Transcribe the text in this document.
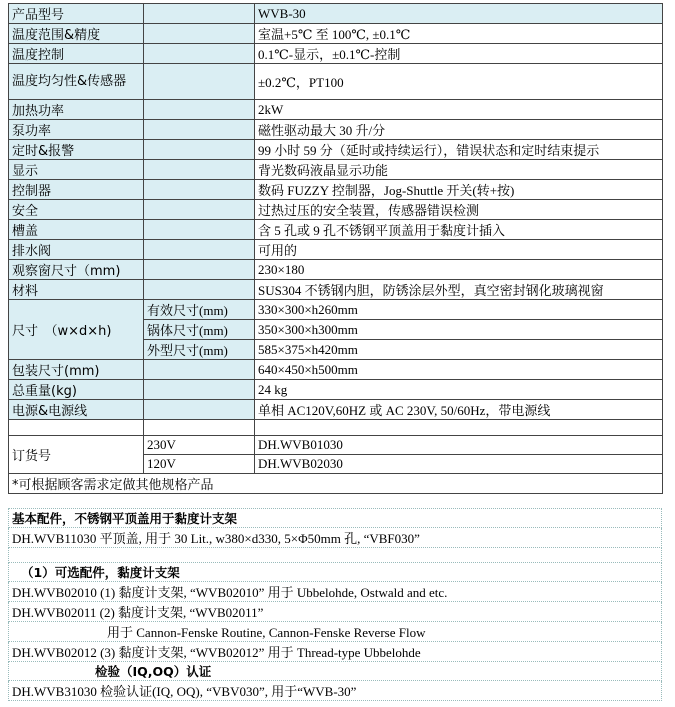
产品型号		WVB-30
温度范围&精度		室温+5℃ 至 100℃, ±0.1℃
温度控制		0.1℃-显示，±0.1℃-控制
温度均匀性&传感器		±0.2℃，PT100
加热功率		2kW
泵功率		磁性驱动最大 30 升/分
定时&报警		99 小时 59 分（延时或持续运行），错误状态和定时结束提示
显示		背光数码液晶显示功能
控制器		数码 FUZZY 控制器，Jog-Shuttle 开关(转+按)
安全		过热过压的安全装置，传感器错误检测
槽盖		含 5 孔或 9 孔不锈钢平顶盖用于黏度计插入
排水阀		可用的
观察窗尺寸（mm)		230×180
材料		SUS304 不锈钢内胆，防锈涂层外型，真空密封钢化玻璃视窗
尺寸　（w×d×h)	有效尺寸(mm)	330×300×h260mm
	锅体尺寸(mm)	350×300×h300mm
	外型尺寸(mm)	585×375×h420mm
包装尺寸(mm)		640×450×h500mm
总重量(kg)		24 kg
电源&电源线		单相 AC120V,60HZ 或 AC 230V, 50/60Hz，带电源线

订货号	230V	DH.WVB01030
	120V	DH.WVB02030
*可根据顾客需求定做其他规格产品		
基本配件，不锈钢平顶盖用于黏度计支架
DH.WVB11030 平顶盖, 用于 30 Lit., w380×d330, 5×Φ50mm 孔, “VBF030”

（1）可选配件，黏度计支架
DH.WVB02010 (1) 黏度计支架, “WVB02010” 用于 Ubbelohde, Ostwald and etc.
DH.WVB02011 (2) 黏度计支架, “WVB02011”
用于 Cannon-Fenske Routine, Cannon-Fenske Reverse Flow
DH.WVB02012 (3) 黏度计支架, “WVB02012” 用于 Thread-type Ubbelohde
检验（IQ,OQ）认证
DH.WVB31030 检验认证(IQ, OQ), “VBV030”, 用于“WVB-30”
